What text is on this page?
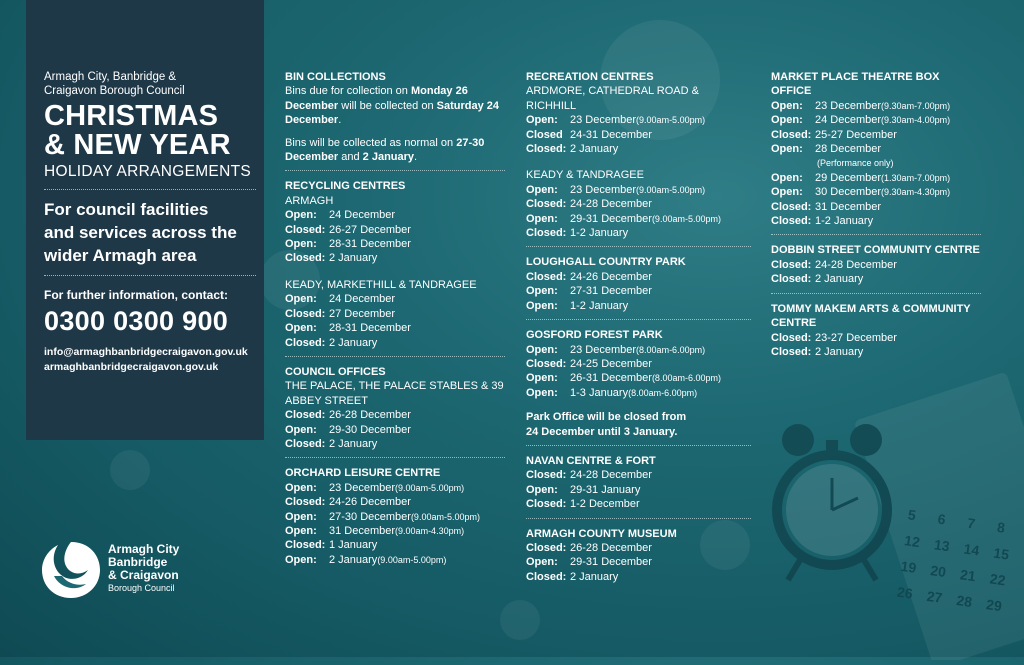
5	6	7	8
12 13 14 15
19 20 21 22
26 27 28 29
Armagh City, Banbridge &
Craigavon Borough Council
CHRISTMAS
& NEW YEAR
HOLIDAY ARRANGEMENTS
For council facilities
and services across the
wider Armagh area
For further information, contact:
0300 0300 900
info@armaghbanbridgecraigavon.gov.uk
armaghbanbridgecraigavon.gov.uk
Armagh City
Banbridge
& Craigavon
Borough Council
BIN COLLECTIONS
Bins due for collection on Monday 26 December will be collected on Saturday 24 December.
Bins will be collected as normal on 27-30 December and 2 January.
RECYCLING CENTRES
ARMAGH
Open:	24 December
Closed: 26-27 December
Open:	28-31 December
Closed: 2 January
KEADY, MARKETHILL & TANDRAGEE
Open:	24 December
Closed: 27 December
Open:	28-31 December
Closed: 2 January
COUNCIL OFFICES
THE PALACE, THE PALACE STABLES & 39 ABBEY STREET
Closed: 26-28 December
Open:	29-30 December
Closed: 2 January
ORCHARD LEISURE CENTRE
Open:	23 December (9.00am-5.00pm)
Closed: 24-26 December
Open:	27-30 December (9.00am-5.00pm)
Open:	31 December (9.00am-4.30pm)
Closed: 1 January
Open:	2 January (9.00am-5.00pm)
RECREATION CENTRES
ARDMORE, CATHEDRAL ROAD & RICHHILL
Open:	23 December (9.00am-5.00pm)
Closed 24-31 December
Closed: 2 January
KEADY & TANDRAGEE
Open:	23 December (9.00am-5.00pm)
Closed: 24-28 December
Open:	29-31 December (9.00am-5.00pm)
Closed: 1-2 January
LOUGHGALL COUNTRY PARK
Closed: 24-26 December
Open:	27-31 December
Open:	1-2 January
GOSFORD FOREST PARK
Open:	23 December (8.00am-6.00pm)
Closed: 24-25 December
Open:	26-31 December (8.00am-6.00pm)
Open:	1-3 January (8.00am-6.00pm)
Park Office will be closed from
24 December until 3 January.
NAVAN CENTRE & FORT
Closed: 24-28 December
Open:	29-31 January
Closed: 1-2 December
ARMAGH COUNTY MUSEUM
Closed: 26-28 December
Open:	29-31 December
Closed: 2 January
MARKET PLACE THEATRE BOX OFFICE
Open:	23 December (9.30am-7.00pm)
Open:	24 December (9.30am-4.00pm)
Closed: 25-27 December
Open:	28 December
(Performance only)
Open:	29 December (1.30am-7.00pm)
Open:	30 December (9.30am-4.30pm)
Closed: 31 December
Closed: 1-2 January
DOBBIN STREET COMMUNITY CENTRE
Closed: 24-28 December
Closed: 2 January
TOMMY MAKEM ARTS & COMMUNITY CENTRE
Closed: 23-27 December
Closed: 2 January
